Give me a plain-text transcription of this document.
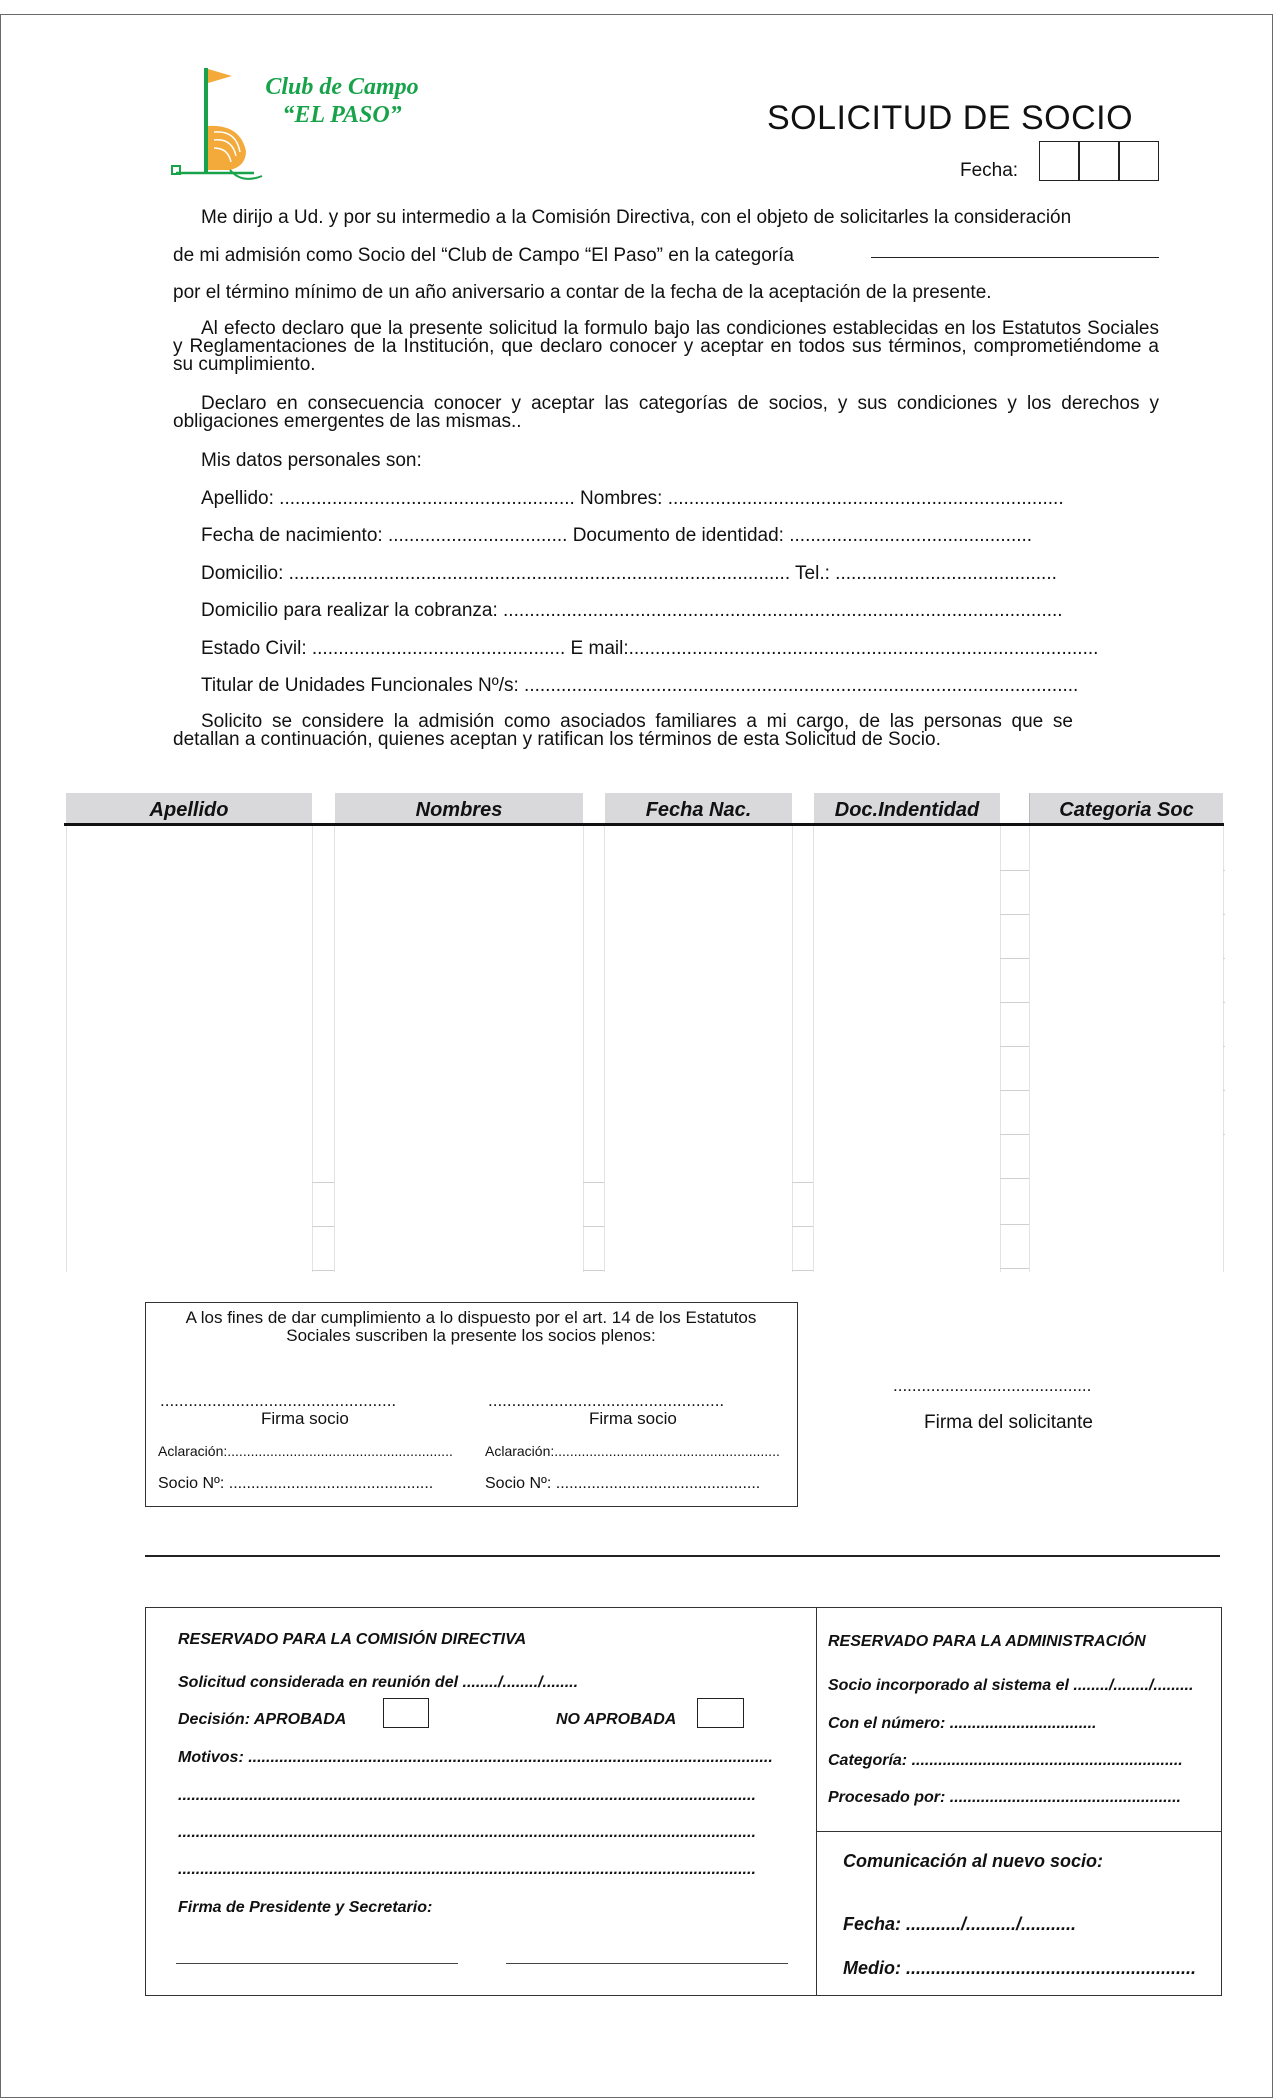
Club de Campo
“EL PASO”	SOLICITUD DE SOCIO
Fecha:
Me dirijo a Ud. y por su intermedio a la Comisión Directiva, con el objeto de solicitarles la consideración
de mi admisión como Socio del “Club de Campo “El Paso” en la categoría
por el término mínimo de un año aniversario a contar de la fecha de la aceptación de la presente.
Al efecto declaro que la presente solicitud la formulo bajo las condiciones establecidas en los Estatutos Sociales y Reglamentaciones de la Institución, que declaro conocer y aceptar en todos sus términos, comprometiéndome a su cumplimiento.
Declaro en consecuencia conocer y aceptar las categorías de socios, y sus condiciones y los derechos y obligaciones emergentes de las mismas..
Mis datos personales son:
Apellido: ........................................................ Nombres: ...........................................................................
Fecha de nacimiento: .................................. Documento de identidad: ..............................................
Domicilio: ............................................................................................... Tel.: ..........................................
Domicilio para realizar la cobranza: ..........................................................................................................
Estado Civil: ................................................ E mail:.........................................................................................
Titular de Unidades Funcionales Nº/s: .........................................................................................................
Solicito se considere la admisión como asociados familiares a mi cargo, de las personas que se detallan a continuación, quienes aceptan y ratifican los términos de esta Solicitud de Socio.
Apellido	Nombres	Fecha Nac.	Doc.Indentidad	Categoria Soc
A los fines de dar cumplimiento a lo dispuesto por el art. 14 de los Estatutos Sociales suscriben la presente los socios plenos:
..................................................	..................................................
Firma socio	Firma socio
Aclaración:.......................................................... Aclaración:..........................................................
Socio Nº: ..............................................	Socio Nº: ..............................................
..........................................
Firma del solicitante
RESERVADO PARA LA COMISIÓN DIRECTIVA
Solicitud considerada en reunión del ......../......../........
Decisión: APROBADA	NO APROBADA
Motivos: ......................................................................................................................
..................................................................................................................................
..................................................................................................................................
..................................................................................................................................
Firma de Presidente y Secretario:
RESERVADO PARA LA ADMINISTRACIÓN
Socio incorporado al sistema el ......../......../.........
Con el número: .................................
Categoría: .............................................................
Procesado por: ....................................................
Comunicación al nuevo socio:
Fecha: .........../........../...........
Medio: ..........................................................
